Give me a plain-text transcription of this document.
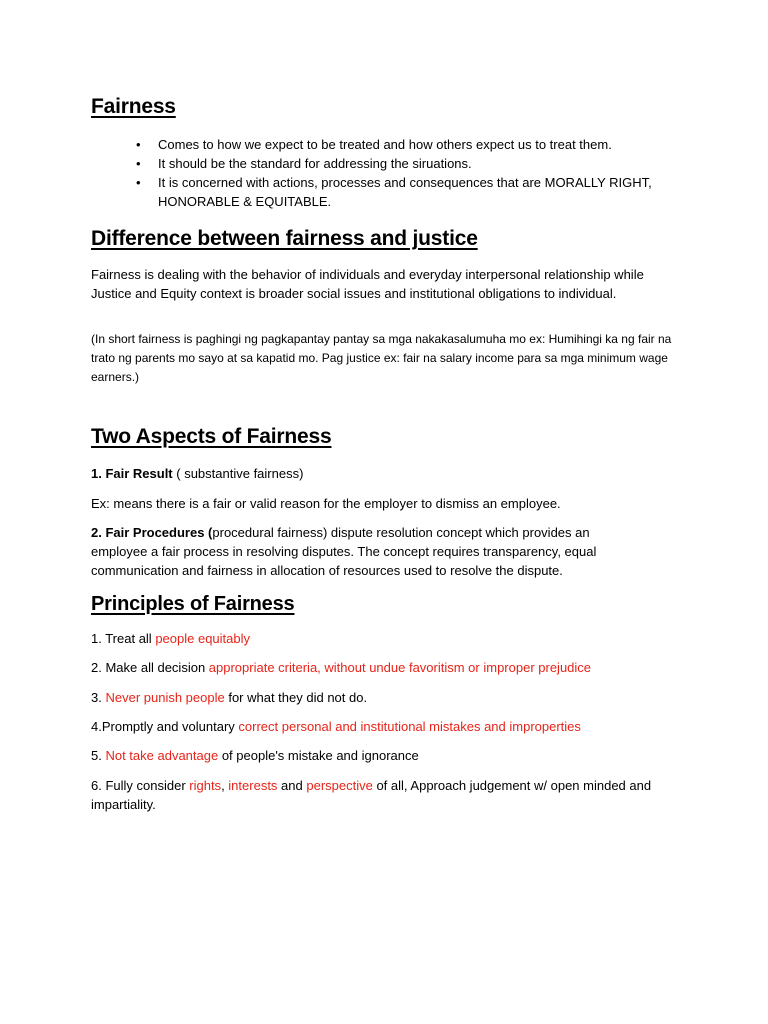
Fairness
• Comes to how we expect to be treated and how others expect us to treat them.
• It should be the standard for addressing the siruations.
• It is concerned with actions, processes and consequences that are MORALLY RIGHT, HONORABLE & EQUITABLE.
Difference between fairness and justice

Fairness is dealing with the behavior of individuals and everyday interpersonal relationship while Justice and Equity context is broader social issues and institutional obligations to individual.

(In short fairness is paghingi ng pagkapantay pantay sa mga nakakasalumuha mo ex: Humihingi ka ng fair na trato ng parents mo sayo at sa kapatid mo. Pag justice ex: fair na salary income para sa mga minimum wage earners.)

Two Aspects of Fairness

1. Fair Result ( substantive fairness)

Ex: means there is a fair or valid reason for the employer to dismiss an employee.

2. Fair Procedures (procedural fairness) dispute resolution concept which provides an employee a fair process in resolving disputes. The concept requires transparency, equal communication and fairness in allocation of resources used to resolve the dispute.

Principles of Fairness

1. Treat all people equitably

2. Make all decision appropriate criteria, without undue favoritism or improper prejudice

3. Never punish people for what they did not do.

4.Promptly and voluntary correct personal and institutional mistakes and improperties

5. Not take advantage of people's mistake and ignorance

6. Fully consider rights, interests and perspective of all, Approach judgement w/ open minded and impartiality.
